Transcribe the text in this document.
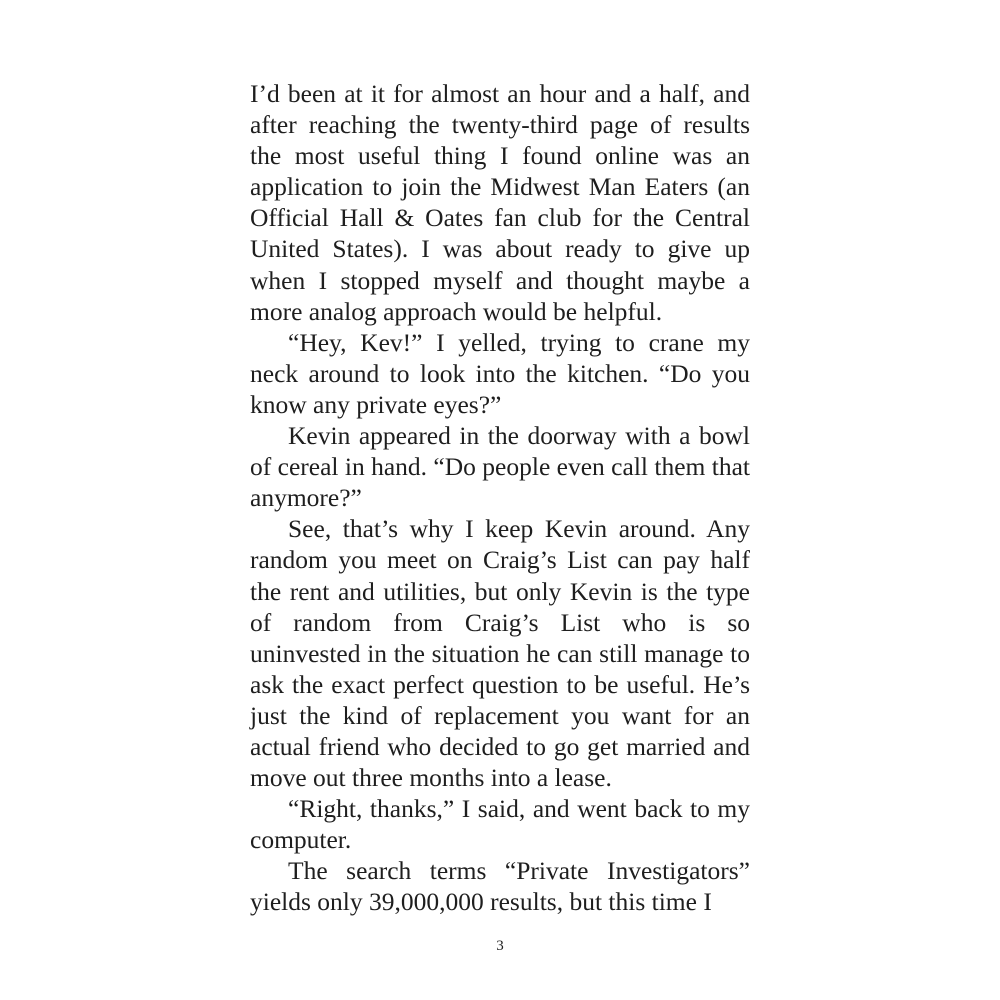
I’d been at it for almost an hour and a half, and after reaching the twenty-third page of results the most useful thing I found online was an application to join the Midwest Man Eaters (an Official Hall & Oates fan club for the Central United States). I was about ready to give up when I stopped myself and thought maybe a more analog approach would be helpful.

“Hey, Kev!” I yelled, trying to crane my neck around to look into the kitchen. “Do you know any private eyes?”

Kevin appeared in the doorway with a bowl of cereal in hand. “Do people even call them that anymore?”

See, that’s why I keep Kevin around. Any random you meet on Craig’s List can pay half the rent and utilities, but only Kevin is the type of random from Craig’s List who is so uninvested in the situation he can still manage to ask the exact perfect question to be useful. He’s just the kind of replacement you want for an actual friend who decided to go get married and move out three months into a lease.

“Right, thanks,” I said, and went back to my computer.

The search terms “Private Investigators” yields only 39,000,000 results, but this time I

3
